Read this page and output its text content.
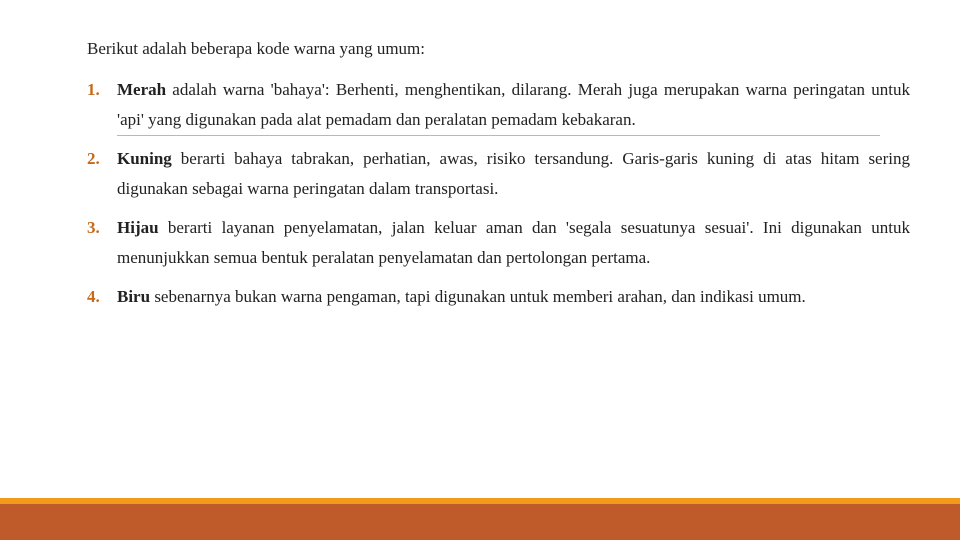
Berikut adalah beberapa kode warna yang umum:

1. Merah adalah warna 'bahaya': Berhenti, menghentikan, dilarang. Merah juga merupakan warna peringatan untuk 'api' yang digunakan pada alat pemadam dan peralatan pemadam kebakaran.
2. Kuning berarti bahaya tabrakan, perhatian, awas, risiko tersandung. Garis-garis kuning di atas hitam sering digunakan sebagai warna peringatan dalam transportasi.
3. Hijau berarti layanan penyelamatan, jalan keluar aman dan 'segala sesuatunya sesuai'. Ini digunakan untuk menunjukkan semua bentuk peralatan penyelamatan dan pertolongan pertama.
4. Biru sebenarnya bukan warna pengaman, tapi digunakan untuk memberi arahan, dan indikasi umum.
